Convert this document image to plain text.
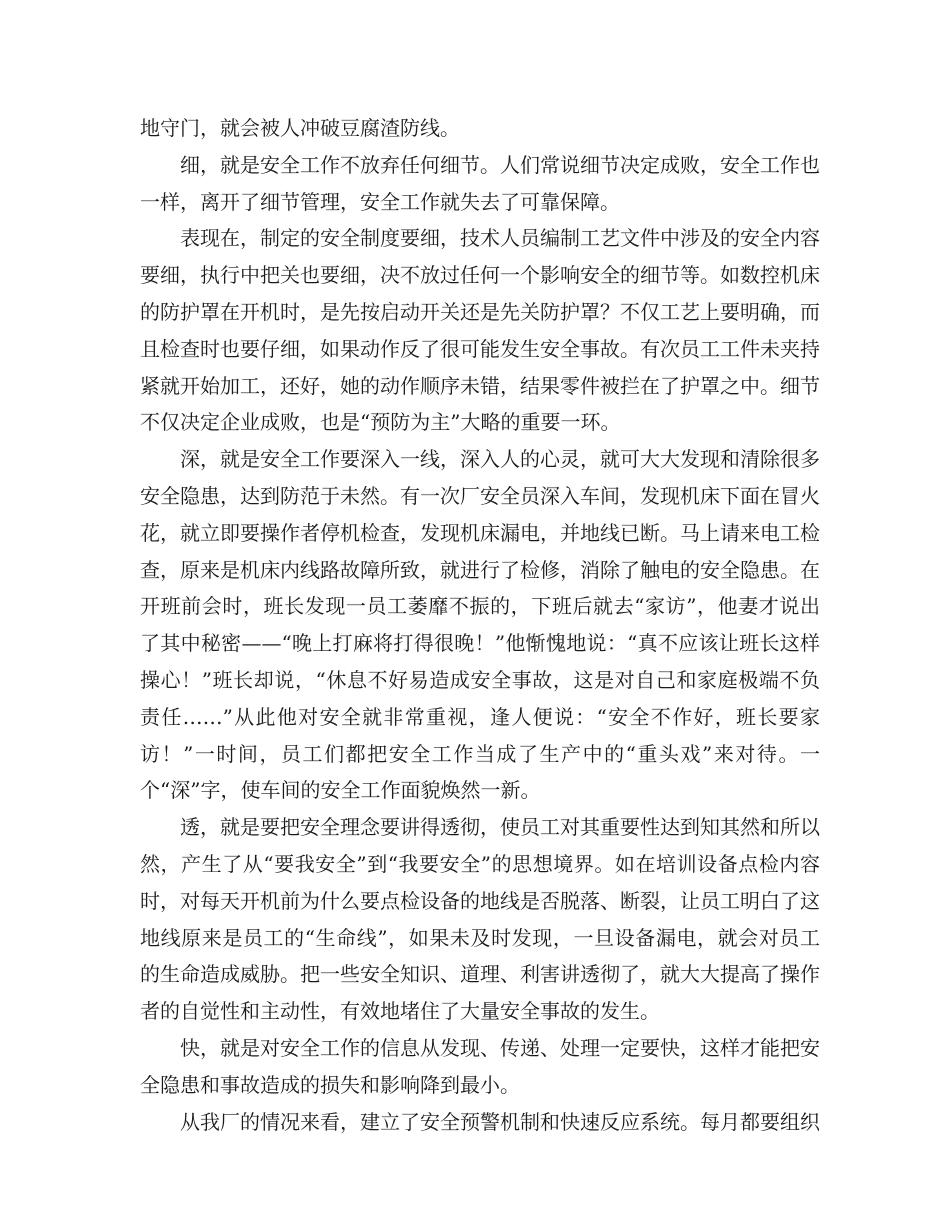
地守门，就会被人冲破豆腐渣防线。

细，就是安全工作不放弃任何细节。人们常说细节决定成败，安全工作也一样，离开了细节管理，安全工作就失去了可靠保障。

表现在，制定的安全制度要细，技术人员编制工艺文件中涉及的安全内容要细，执行中把关也要细，决不放过任何一个影响安全的细节等。如数控机床的防护罩在开机时，是先按启动开关还是先关防护罩？不仅工艺上要明确，而且检查时也要仔细，如果动作反了很可能发生安全事故。有次员工工件未夹持紧就开始加工，还好，她的动作顺序未错，结果零件被拦在了护罩之中。细节不仅决定企业成败，也是“预防为主”大略的重要一环。

深，就是安全工作要深入一线，深入人的心灵，就可大大发现和清除很多安全隐患，达到防范于未然。有一次厂安全员深入车间，发现机床下面在冒火花，就立即要操作者停机检查，发现机床漏电，并地线已断。马上请来电工检查，原来是机床内线路故障所致，就进行了检修，消除了触电的安全隐患。在开班前会时，班长发现一员工萎靡不振的，下班后就去“家访”，他妻才说出了其中秘密——“晚上打麻将打得很晚！”他惭愧地说：“真不应该让班长这样操心！”班长却说，“休息不好易造成安全事故，这是对自己和家庭极端不负责任……”从此他对安全就非常重视，逢人便说：“安全不作好，班长要家访！”一时间，员工们都把安全工作当成了生产中的“重头戏”来对待。一个“深”字，使车间的安全工作面貌焕然一新。

透，就是要把安全理念要讲得透彻，使员工对其重要性达到知其然和所以然，产生了从“要我安全”到“我要安全”的思想境界。如在培训设备点检内容时，对每天开机前为什么要点检设备的地线是否脱落、断裂，让员工明白了这地线原来是员工的“生命线”，如果未及时发现，一旦设备漏电，就会对员工的生命造成威胁。把一些安全知识、道理、利害讲透彻了，就大大提高了操作者的自觉性和主动性，有效地堵住了大量安全事故的发生。

快，就是对安全工作的信息从发现、传递、处理一定要快，这样才能把安全隐患和事故造成的损失和影响降到最小。

从我厂的情况来看，建立了安全预警机制和快速反应系统。每月都要组织
